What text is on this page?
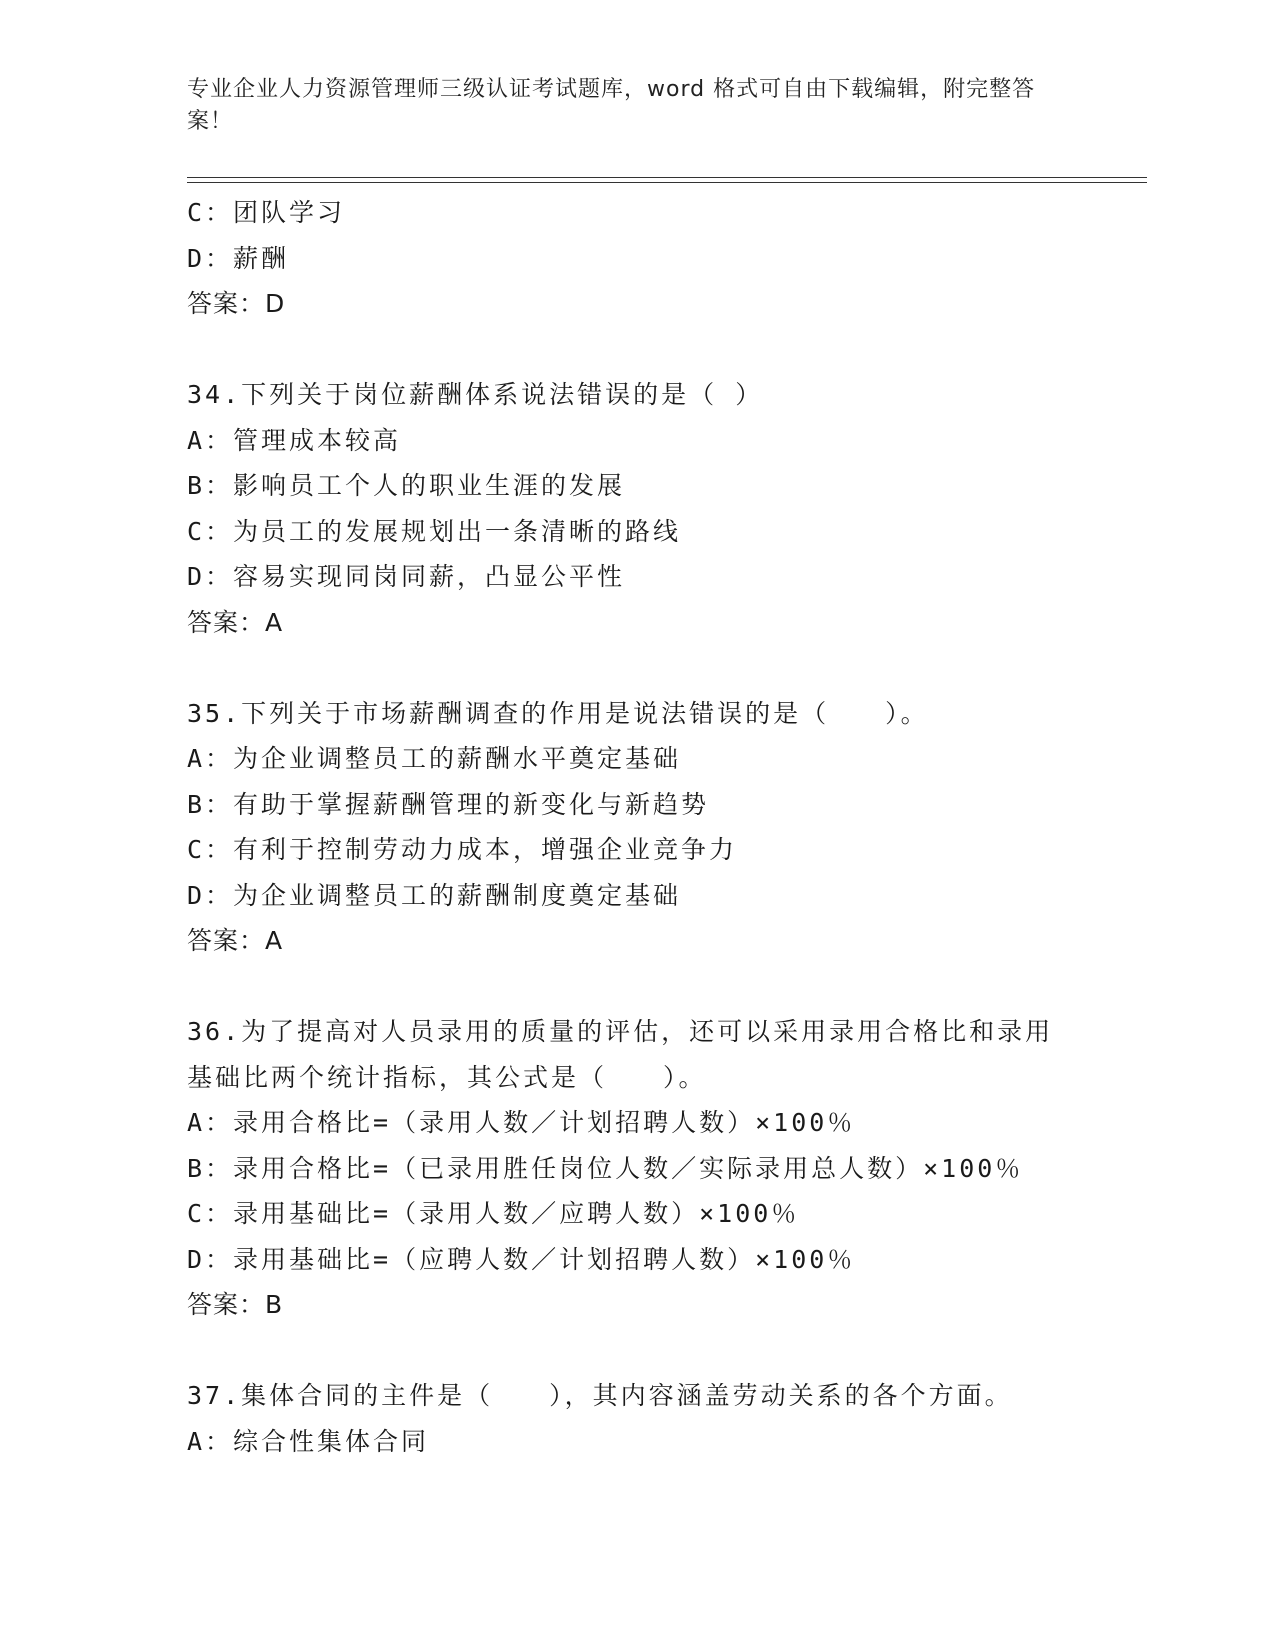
专业企业人力资源管理师三级认证考试题库，word 格式可自由下载编辑，附完整答案！
C：团队学习
D：薪酬
答案：D
34.下列关于岗位薪酬体系说法错误的是（ ）
A：管理成本较高
B：影响员工个人的职业生涯的发展
C：为员工的发展规划出一条清晰的路线
D：容易实现同岗同薪，凸显公平性
答案：A
35.下列关于市场薪酬调查的作用是说法错误的是（　　）。
A：为企业调整员工的薪酬水平奠定基础
B：有助于掌握薪酬管理的新变化与新趋势
C：有利于控制劳动力成本，增强企业竞争力
D：为企业调整员工的薪酬制度奠定基础
答案：A
36.为了提高对人员录用的质量的评估，还可以采用录用合格比和录用
基础比两个统计指标，其公式是（　　）。
A：录用合格比=（录用人数／计划招聘人数）×100％
B：录用合格比=（已录用胜任岗位人数／实际录用总人数）×100％
C：录用基础比=（录用人数／应聘人数）×100％
D：录用基础比=（应聘人数／计划招聘人数）×100％
答案：B
37.集体合同的主件是（　　），其内容涵盖劳动关系的各个方面。
A：综合性集体合同
